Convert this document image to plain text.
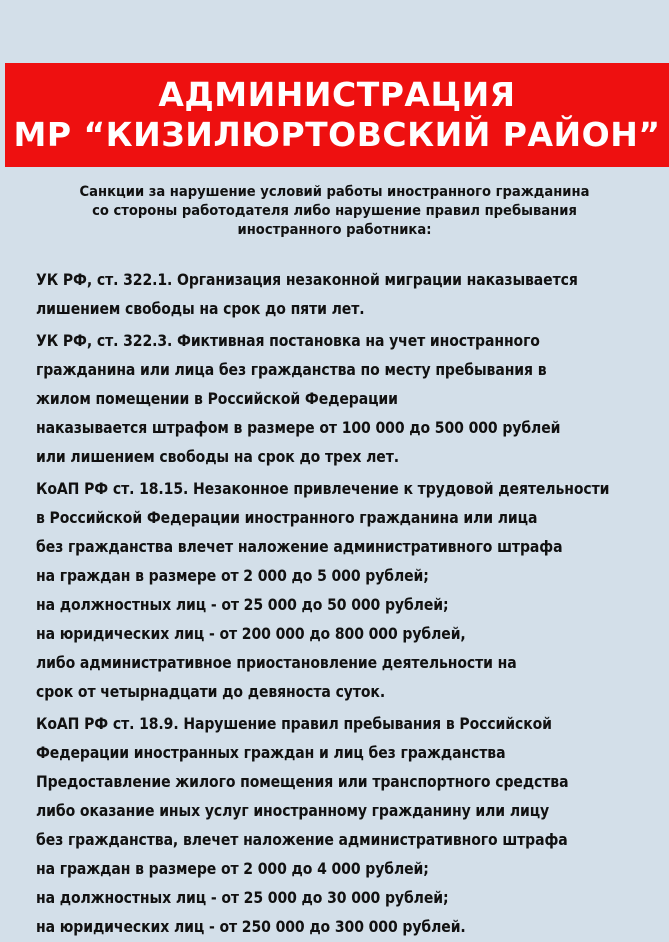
АДМИНИСТРАЦИЯ
МР “КИЗИЛЮРТОВСКИЙ РАЙОН”
Санкции за нарушение условий работы иностранного гражданина
со стороны работодателя либо нарушение правил пребывания
иностранного работника:
УК РФ, ст. 322.1. Организация незаконной миграции наказывается
лишением свободы на срок до пяти лет.
УК РФ, ст. 322.3. Фиктивная постановка на учет иностранного
гражданина или лица без гражданства по месту пребывания в
жилом помещении в Российской Федерации
наказывается штрафом в размере от 100 000 до 500 000 рублей
или лишением свободы на срок до трех лет.
КоАП РФ ст. 18.15. Незаконное привлечение к трудовой деятельности
в Российской Федерации иностранного гражданина или лица
без гражданства влечет наложение административного штрафа
на граждан в размере от 2 000 до 5 000 рублей;
на должностных лиц - от 25 000 до 50 000 рублей;
на юридических лиц - от 200 000 до 800 000 рублей,
либо административное приостановление деятельности на
срок от четырнадцати до девяноста суток.
КоАП РФ ст. 18.9. Нарушение правил пребывания в Российской
Федерации иностранных граждан и лиц без гражданства
Предоставление жилого помещения или транспортного средства
либо оказание иных услуг иностранному гражданину или лицу
без гражданства, влечет наложение административного штрафа
на граждан в размере от 2 000 до 4 000 рублей;
на должностных лиц - от 25 000 до 30 000 рублей;
на юридических лиц - от 250 000 до 300 000 рублей.
